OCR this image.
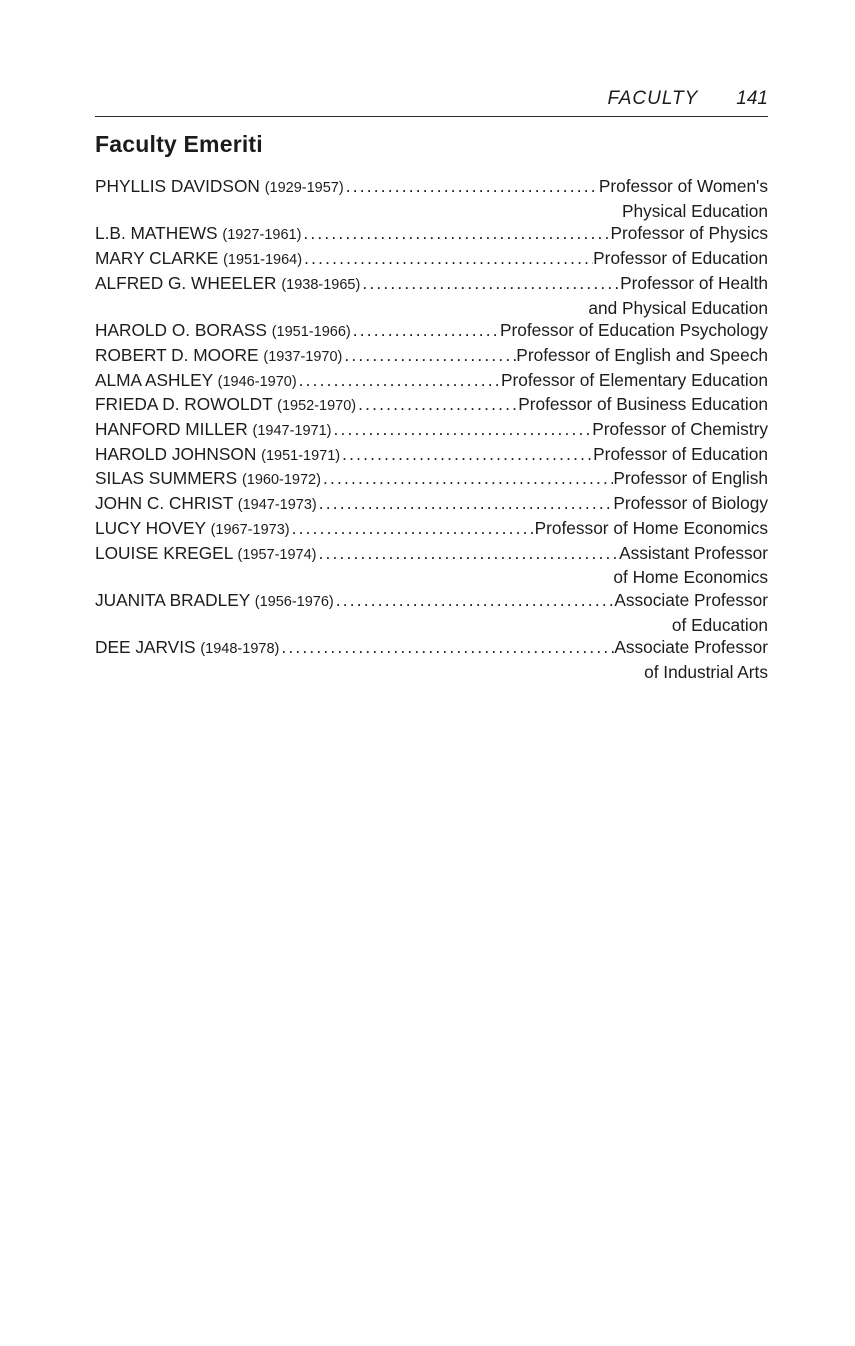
FACULTY 141
Faculty Emeriti
PHYLLIS DAVIDSON (1929-1957) .....	Professor of Women's
Physical Education
L.B. MATHEWS (1927-1961) .....	Professor of Physics
MARY CLARKE (1951-1964) .....	Professor of Education
ALFRED G. WHEELER (1938-1965) .....	Professor of Health
and Physical Education
HAROLD O. BORASS (1951-1966) .....	Professor of Education Psychology
ROBERT D. MOORE (1937-1970) .....	Professor of English and Speech
ALMA ASHLEY (1946-1970) .....	Professor of Elementary Education
FRIEDA D. ROWOLDT (1952-1970) .....	Professor of Business Education
HANFORD MILLER (1947-1971) .....	Professor of Chemistry
HAROLD JOHNSON (1951-1971) .....	Professor of Education
SILAS SUMMERS (1960-1972) .....	Professor of English
JOHN C. CHRIST (1947-1973) .....	Professor of Biology
LUCY HOVEY (1967-1973) .....	Professor of Home Economics
LOUISE KREGEL (1957-1974) .....	Assistant Professor
of Home Economics
JUANITA BRADLEY (1956-1976) .....	Associate Professor
of Education
DEE JARVIS (1948-1978) .....	Associate Professor
of Industrial Arts
